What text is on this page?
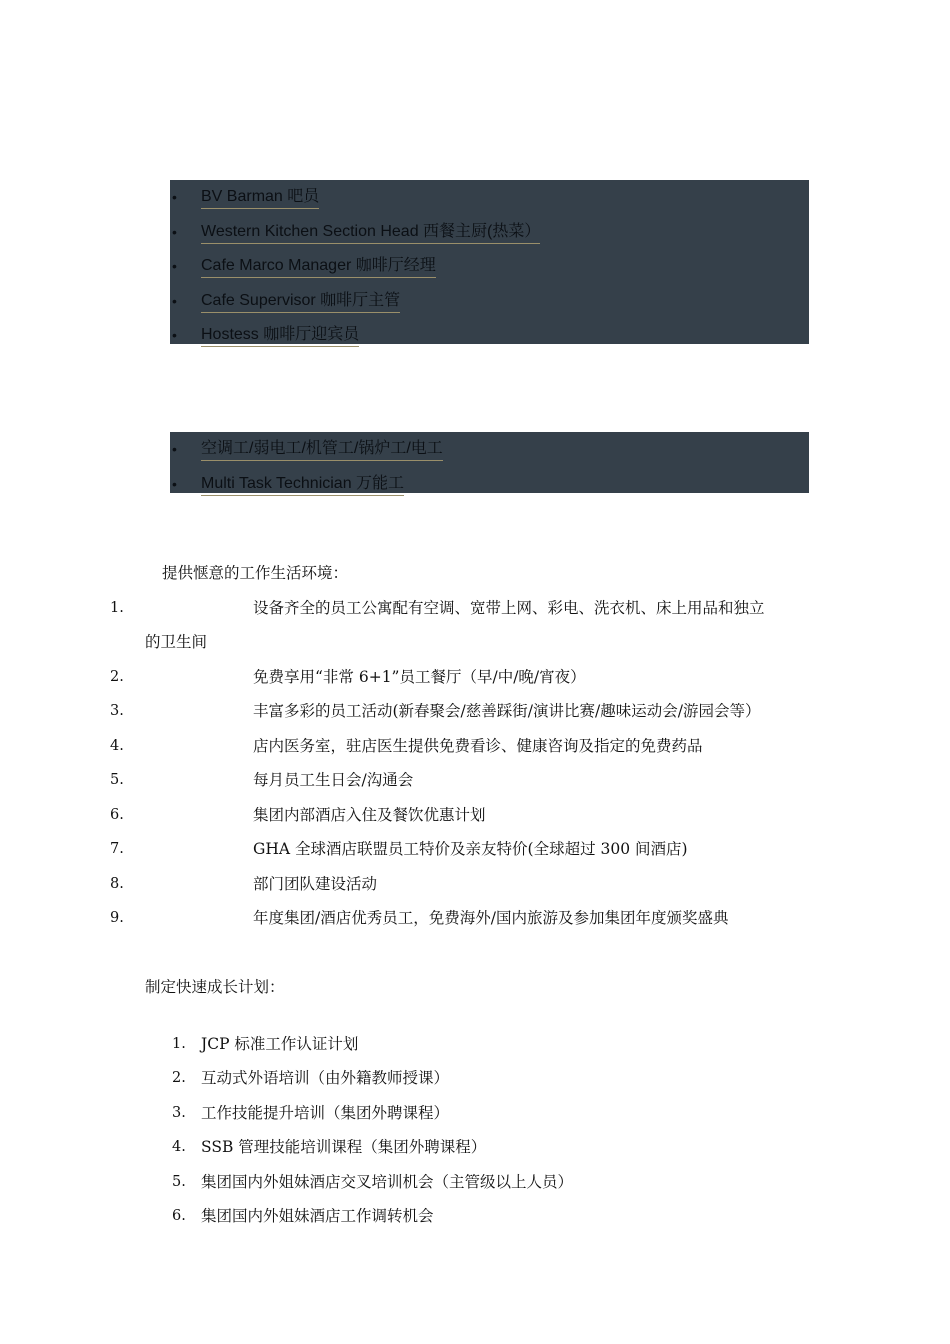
• BV Barman 吧员
• Western Kitchen Section Head 西餐主厨(热菜）
• Cafe Marco Manager 咖啡厅经理
• Cafe Supervisor 咖啡厅主管
• Hostess 咖啡厅迎宾员
• 空调工/弱电工/机管工/锅炉工/电工
• Multi Task Technician 万能工
提供惬意的工作生活环境：
1.	设备齐全的员工公寓配有空调、宽带上网、彩电、洗衣机、床上用品和独立
的卫生间
2.	免费享用“非常 6+1”员工餐厅（早/中/晚/宵夜）
3.	丰富多彩的员工活动(新春聚会/慈善踩街/演讲比赛/趣味运动会/游园会等）
4.	店内医务室，驻店医生提供免费看诊、健康咨询及指定的免费药品
5.	每月员工生日会/沟通会
6.	集团内部酒店入住及餐饮优惠计划
7.	GHA 全球酒店联盟员工特价及亲友特价(全球超过 300 间酒店)
8.	部门团队建设活动
9.	年度集团/酒店优秀员工，免费海外/国内旅游及参加集团年度颁奖盛典
制定快速成长计划：
1. JCP 标准工作认证计划
2. 互动式外语培训（由外籍教师授课）
3. 工作技能提升培训（集团外聘课程）
4. SSB 管理技能培训课程（集团外聘课程）
5. 集团国内外姐妹酒店交叉培训机会（主管级以上人员）
6. 集团国内外姐妹酒店工作调转机会
